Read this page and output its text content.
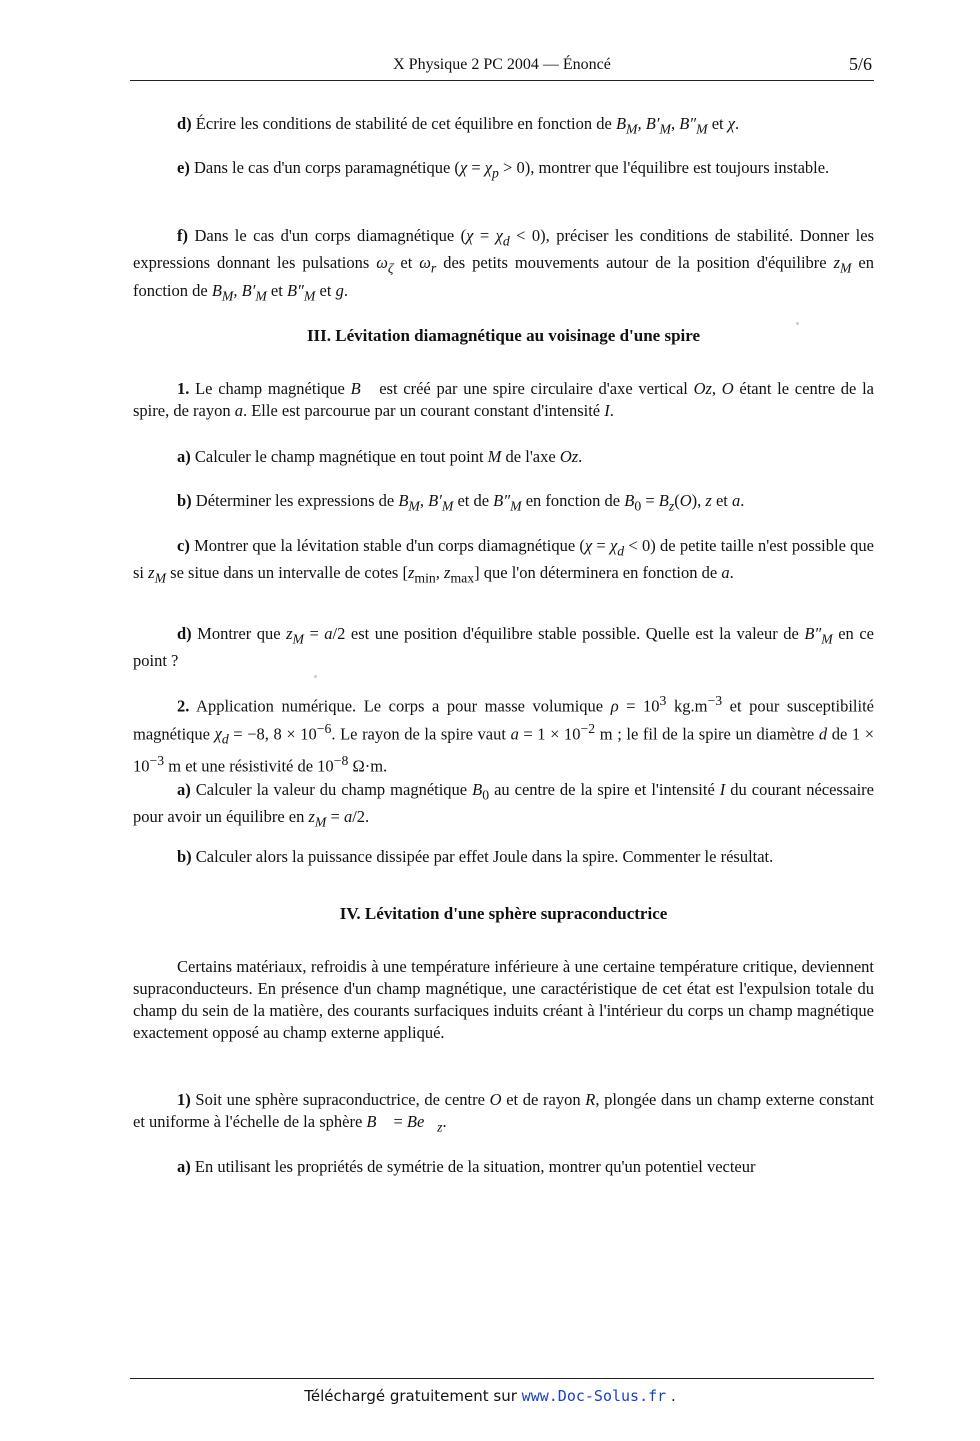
X Physique 2 PC 2004 — Énoncé	5/6

d) Écrire les conditions de stabilité de cet équilibre en fonction de $B_M$, $B'_M$, $B''_M$ et χ.

e) Dans le cas d'un corps paramagnétique $(\chi = \chi_p > 0)$, montrer que l'équilibre est toujours instable.

f) Dans le cas d'un corps diamagnétique $(\chi = \chi_d < 0)$, préciser les conditions de stabilité. Donner les expressions donnant les pulsations $\omega_\zeta$ et $\omega_r$ des petits mouvements autour de la position d'équilibre $z_M$ en fonction de $B_M$, $B'_M$ et $B''_M$ et g.

III. Lévitation diamagnétique au voisinage d'une spire

1. Le champ magnétique B⃗ est créé par une spire circulaire d'axe vertical Oz, O étant le centre de la spire, de rayon a. Elle est parcourue par un courant constant d'intensité I.

a) Calculer le champ magnétique en tout point M de l'axe Oz.

b) Déterminer les expressions de $B_M$, $B'_M$ et de $B''_M$ en fonction de $B_0 = B_z(O)$, z et a.

c) Montrer que la lévitation stable d'un corps diamagnétique $(\chi = \chi_d < 0)$ de petite taille n'est possible que si $z_M$ se situe dans un intervalle de cotes [$z_{min}$, $z_{max}$] que l'on déterminera en fonction de a.

d) Montrer que $z_M = a/2$ est une position d'équilibre stable possible. Quelle est la valeur de $B''_M$ en ce point ?

2. Application numérique. Le corps a pour masse volumique $\rho = 10^3$ $kg.m^{-3}$ et pour susceptibilité magnétique $\chi_d = -8$, $8 \times 10^{-6}$. Le rayon de la spire vaut $a = 1 \times 10^{-2}$ m ; le fil de la spire un diamètre d de $1 \times 10^{-3}$ m et une résistivité de $10^{-8}$ Ω·m.

a) Calculer la valeur du champ magnétique $B_0$ au centre de la spire et l'intensité I du courant nécessaire pour avoir un équilibre en $z_M = a/2$.

b) Calculer alors la puissance dissipée par effet Joule dans la spire. Commenter le résultat.

IV. Lévitation d'une sphère supraconductrice

Certains matériaux, refroidis à une température inférieure à une certaine température critique, deviennent supraconducteurs. En présence d'un champ magnétique, une caractéristique de cet état est l'expulsion totale du champ du sein de la matière, des courants surfaciques induits créant à l'intérieur du corps un champ magnétique exactement opposé au champ externe appliqué.

1) Soit une sphère supraconductrice, de centre O et de rayon R, plongée dans un champ externe constant et uniforme à l'échelle de la sphère B⃗ = $Be⃗_z$.

a) En utilisant les propriétés de symétrie de la situation, montrer qu'un potentiel vecteur

Téléchargé gratuitement sur www.Doc-Solus.fr .
